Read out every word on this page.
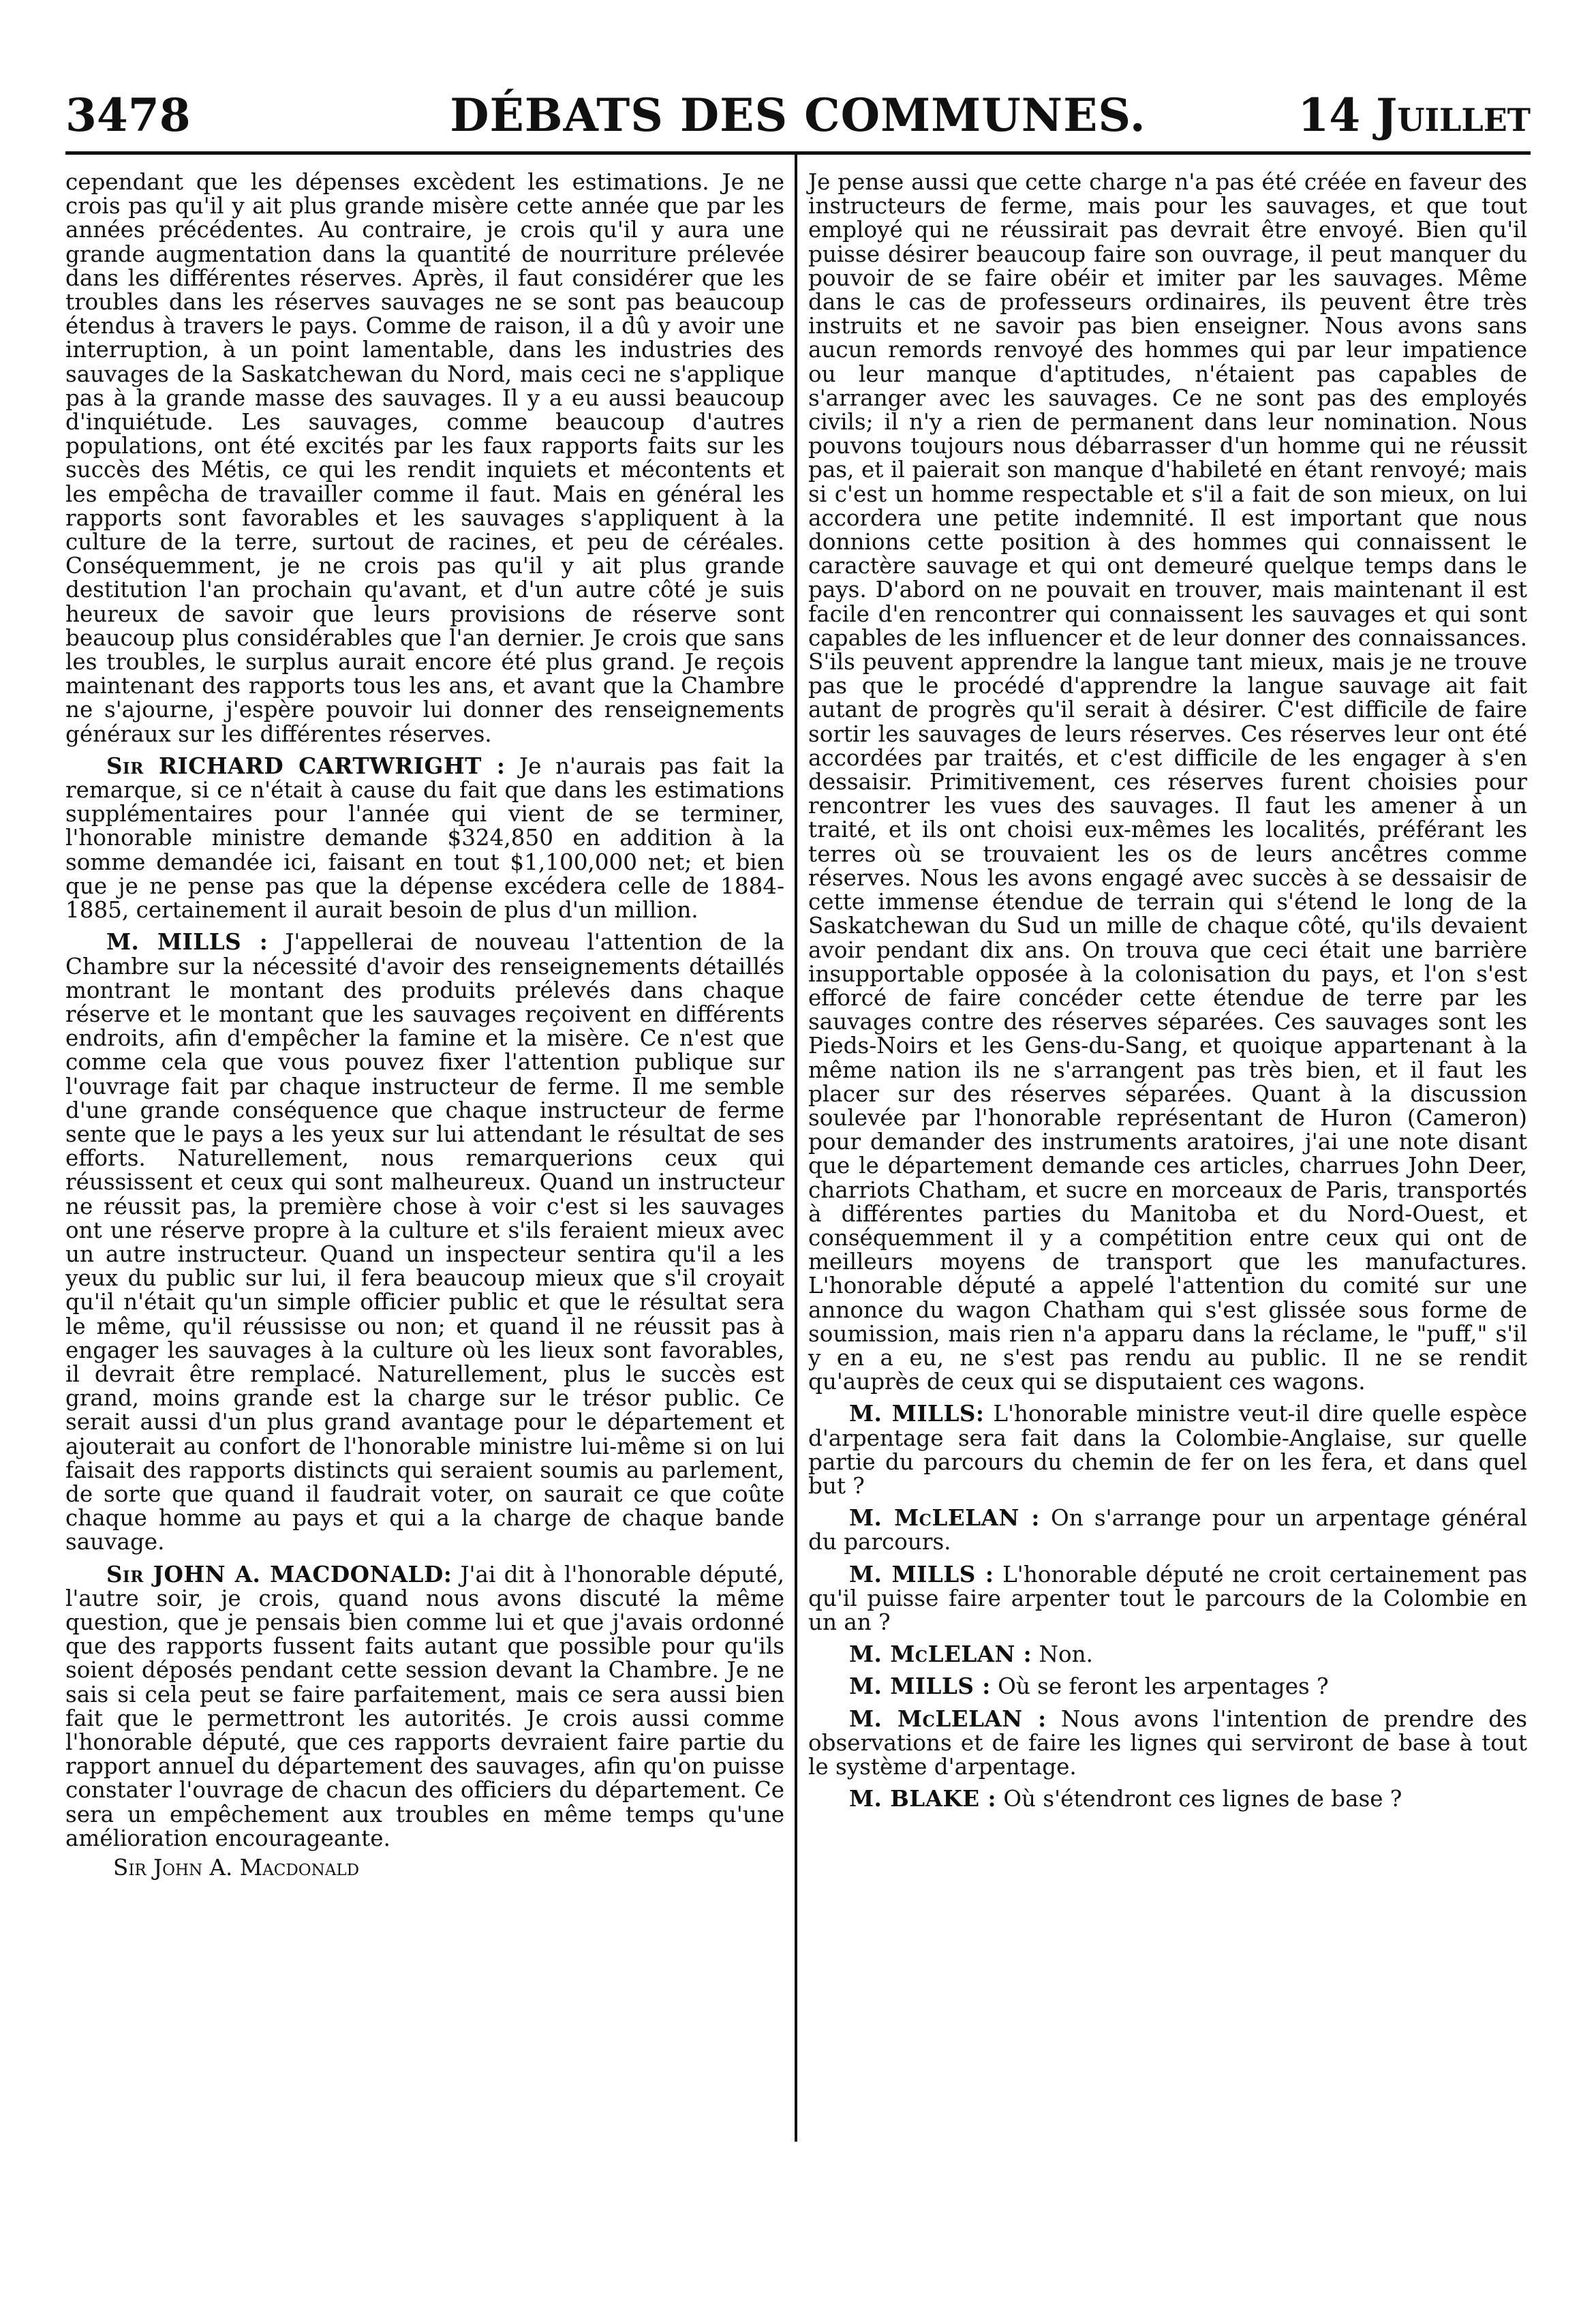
DÉBATS DES COMMUNES.
3478	14 Juillet

cependant que les dépenses excèdent les estimations. Je ne crois pas qu'il y ait plus grande misère cette année que par les années précédentes. Au contraire, je crois qu'il y aura une grande augmentation dans la quantité de nourriture prélevée dans les différentes réserves. Après, il faut considérer que les troubles dans les réserves sauvages ne se sont pas beaucoup étendus à travers le pays. Comme de raison, il a dû y avoir une interruption, à un point lamentable, dans les industries des sauvages de la Saskatchewan du Nord, mais ceci ne s'applique pas à la grande masse des sauvages. Il y a eu aussi beaucoup d'inquiétude. Les sauvages, comme beaucoup d'autres populations, ont été excités par les faux rapports faits sur les succès des Métis, ce qui les rendit inquiets et mécontents et les empêcha de travailler comme il faut. Mais en général les rapports sont favorables et les sauvages s'appliquent à la culture de la terre, surtout de racines, et peu de céréales. Conséquemment, je ne crois pas qu'il y ait plus grande destitution l'an prochain qu'avant, et d'un autre côté je suis heureux de savoir que leurs provisions de réserve sont beaucoup plus considérables que l'an dernier. Je crois que sans les troubles, le surplus aurait encore été plus grand. Je reçois maintenant des rapports tous les ans, et avant que la Chambre ne s'ajourne, j'espère pouvoir lui donner des renseignements généraux sur les différentes réserves.

Sir RICHARD CARTWRIGHT : Je n'aurais pas fait la remarque, si ce n'était à cause du fait que dans les estimations supplémentaires pour l'année qui vient de se terminer, l'honorable ministre demande $324,850 en addition à la somme demandée ici, faisant en tout $1,100,000 net; et bien que je ne pense pas que la dépense excédera celle de 1884-1885, certainement il aurait besoin de plus d'un million.

M. MILLS : J'appellerai de nouveau l'attention de la Chambre sur la nécessité d'avoir des renseignements détaillés montrant le montant des produits prélevés dans chaque réserve et le montant que les sauvages reçoivent en différents endroits, afin d'empêcher la famine et la misère. Ce n'est que comme cela que vous pouvez fixer l'attention publique sur l'ouvrage fait par chaque instructeur de ferme. Il me semble d'une grande conséquence que chaque instructeur de ferme sente que le pays a les yeux sur lui attendant le résultat de ses efforts. Naturellement, nous remarquerions ceux qui réussissent et ceux qui sont malheureux. Quand un instructeur ne réussit pas, la première chose à voir c'est si les sauvages ont une réserve propre à la culture et s'ils feraient mieux avec un autre instructeur. Quand un inspecteur sentira qu'il a les yeux du public sur lui, il fera beaucoup mieux que s'il croyait qu'il n'était qu'un simple officier public et que le résultat sera le même, qu'il réussisse ou non; et quand il ne réussit pas à engager les sauvages à la culture où les lieux sont favorables, il devrait être remplacé. Naturellement, plus le succès est grand, moins grande est la charge sur le trésor public. Ce serait aussi d'un plus grand avantage pour le département et ajouterait au confort de l'honorable ministre lui-même si on lui faisait des rapports distincts qui seraient soumis au parlement, de sorte que quand il faudrait voter, on saurait ce que coûte chaque homme au pays et qui a la charge de chaque bande sauvage.

Sir JOHN A. MACDONALD: J'ai dit à l'honorable député, l'autre soir, je crois, quand nous avons discuté la même question, que je pensais bien comme lui et que j'avais ordonné que des rapports fussent faits autant que possible pour qu'ils soient déposés pendant cette session devant la Chambre. Je ne sais si cela peut se faire parfaitement, mais ce sera aussi bien fait que le permettront les autorités. Je crois aussi comme l'honorable député, que ces rapports devraient faire partie du rapport annuel du département des sauvages, afin qu'on puisse constater l'ouvrage de chacun des officiers du département. Ce sera un empêchement aux troubles en même temps qu'une amélioration encourageante.

Sir John A. Macdonald

Je pense aussi que cette charge n'a pas été créée en faveur des instructeurs de ferme, mais pour les sauvages, et que tout employé qui ne réussirait pas devrait être envoyé. Bien qu'il puisse désirer beaucoup faire son ouvrage, il peut manquer du pouvoir de se faire obéir et imiter par les sauvages. Même dans le cas de professeurs ordinaires, ils peuvent être très instruits et ne savoir pas bien enseigner. Nous avons sans aucun remords renvoyé des hommes qui par leur impatience ou leur manque d'aptitudes, n'étaient pas capables de s'arranger avec les sauvages. Ce ne sont pas des employés civils; il n'y a rien de permanent dans leur nomination. Nous pouvons toujours nous débarrasser d'un homme qui ne réussit pas, et il paierait son manque d'habileté en étant renvoyé; mais si c'est un homme respectable et s'il a fait de son mieux, on lui accordera une petite indemnité. Il est important que nous donnions cette position à des hommes qui connaissent le caractère sauvage et qui ont demeuré quelque temps dans le pays. D'abord on ne pouvait en trouver, mais maintenant il est facile d'en rencontrer qui connaissent les sauvages et qui sont capables de les influencer et de leur donner des connaissances. S'ils peuvent apprendre la langue tant mieux, mais je ne trouve pas que le procédé d'apprendre la langue sauvage ait fait autant de progrès qu'il serait à désirer. C'est difficile de faire sortir les sauvages de leurs réserves. Ces réserves leur ont été accordées par traités, et c'est difficile de les engager à s'en dessaisir. Primitivement, ces réserves furent choisies pour rencontrer les vues des sauvages. Il faut les amener à un traité, et ils ont choisi eux-mêmes les localités, préférant les terres où se trouvaient les os de leurs ancêtres comme réserves. Nous les avons engagé avec succès à se dessaisir de cette immense étendue de terrain qui s'étend le long de la Saskatchewan du Sud un mille de chaque côté, qu'ils devaient avoir pendant dix ans. On trouva que ceci était une barrière insupportable opposée à la colonisation du pays, et l'on s'est efforcé de faire concéder cette étendue de terre par les sauvages contre des réserves séparées. Ces sauvages sont les Pieds-Noirs et les Gens-du-Sang, et quoique appartenant à la même nation ils ne s'arrangent pas très bien, et il faut les placer sur des réserves séparées. Quant à la discussion soulevée par l'honorable représentant de Huron (Cameron) pour demander des instruments aratoires, j'ai une note disant que le département demande ces articles, charrues John Deer, charriots Chatham, et sucre en morceaux de Paris, transportés à différentes parties du Manitoba et du Nord-Ouest, et conséquemment il y a compétition entre ceux qui ont de meilleurs moyens de transport que les manufactures. L'honorable député a appelé l'attention du comité sur une annonce du wagon Chatham qui s'est glissée sous forme de soumission, mais rien n'a apparu dans la réclame, le "puff," s'il y en a eu, ne s'est pas rendu au public. Il ne se rendit qu'auprès de ceux qui se disputaient ces wagons.

M. MILLS: L'honorable ministre veut-il dire quelle espèce d'arpentage sera fait dans la Colombie-Anglaise, sur quelle partie du parcours du chemin de fer on les fera, et dans quel but ?

M. McLELAN : On s'arrange pour un arpentage général du parcours.

M. MILLS : L'honorable député ne croit certainement pas qu'il puisse faire arpenter tout le parcours de la Colombie en un an ?

M. McLELAN : Non.

M. MILLS : Où se feront les arpentages ?

M. McLELAN : Nous avons l'intention de prendre des observations et de faire les lignes qui serviront de base à tout le système d'arpentage.

M. BLAKE : Où s'étendront ces lignes de base ?
